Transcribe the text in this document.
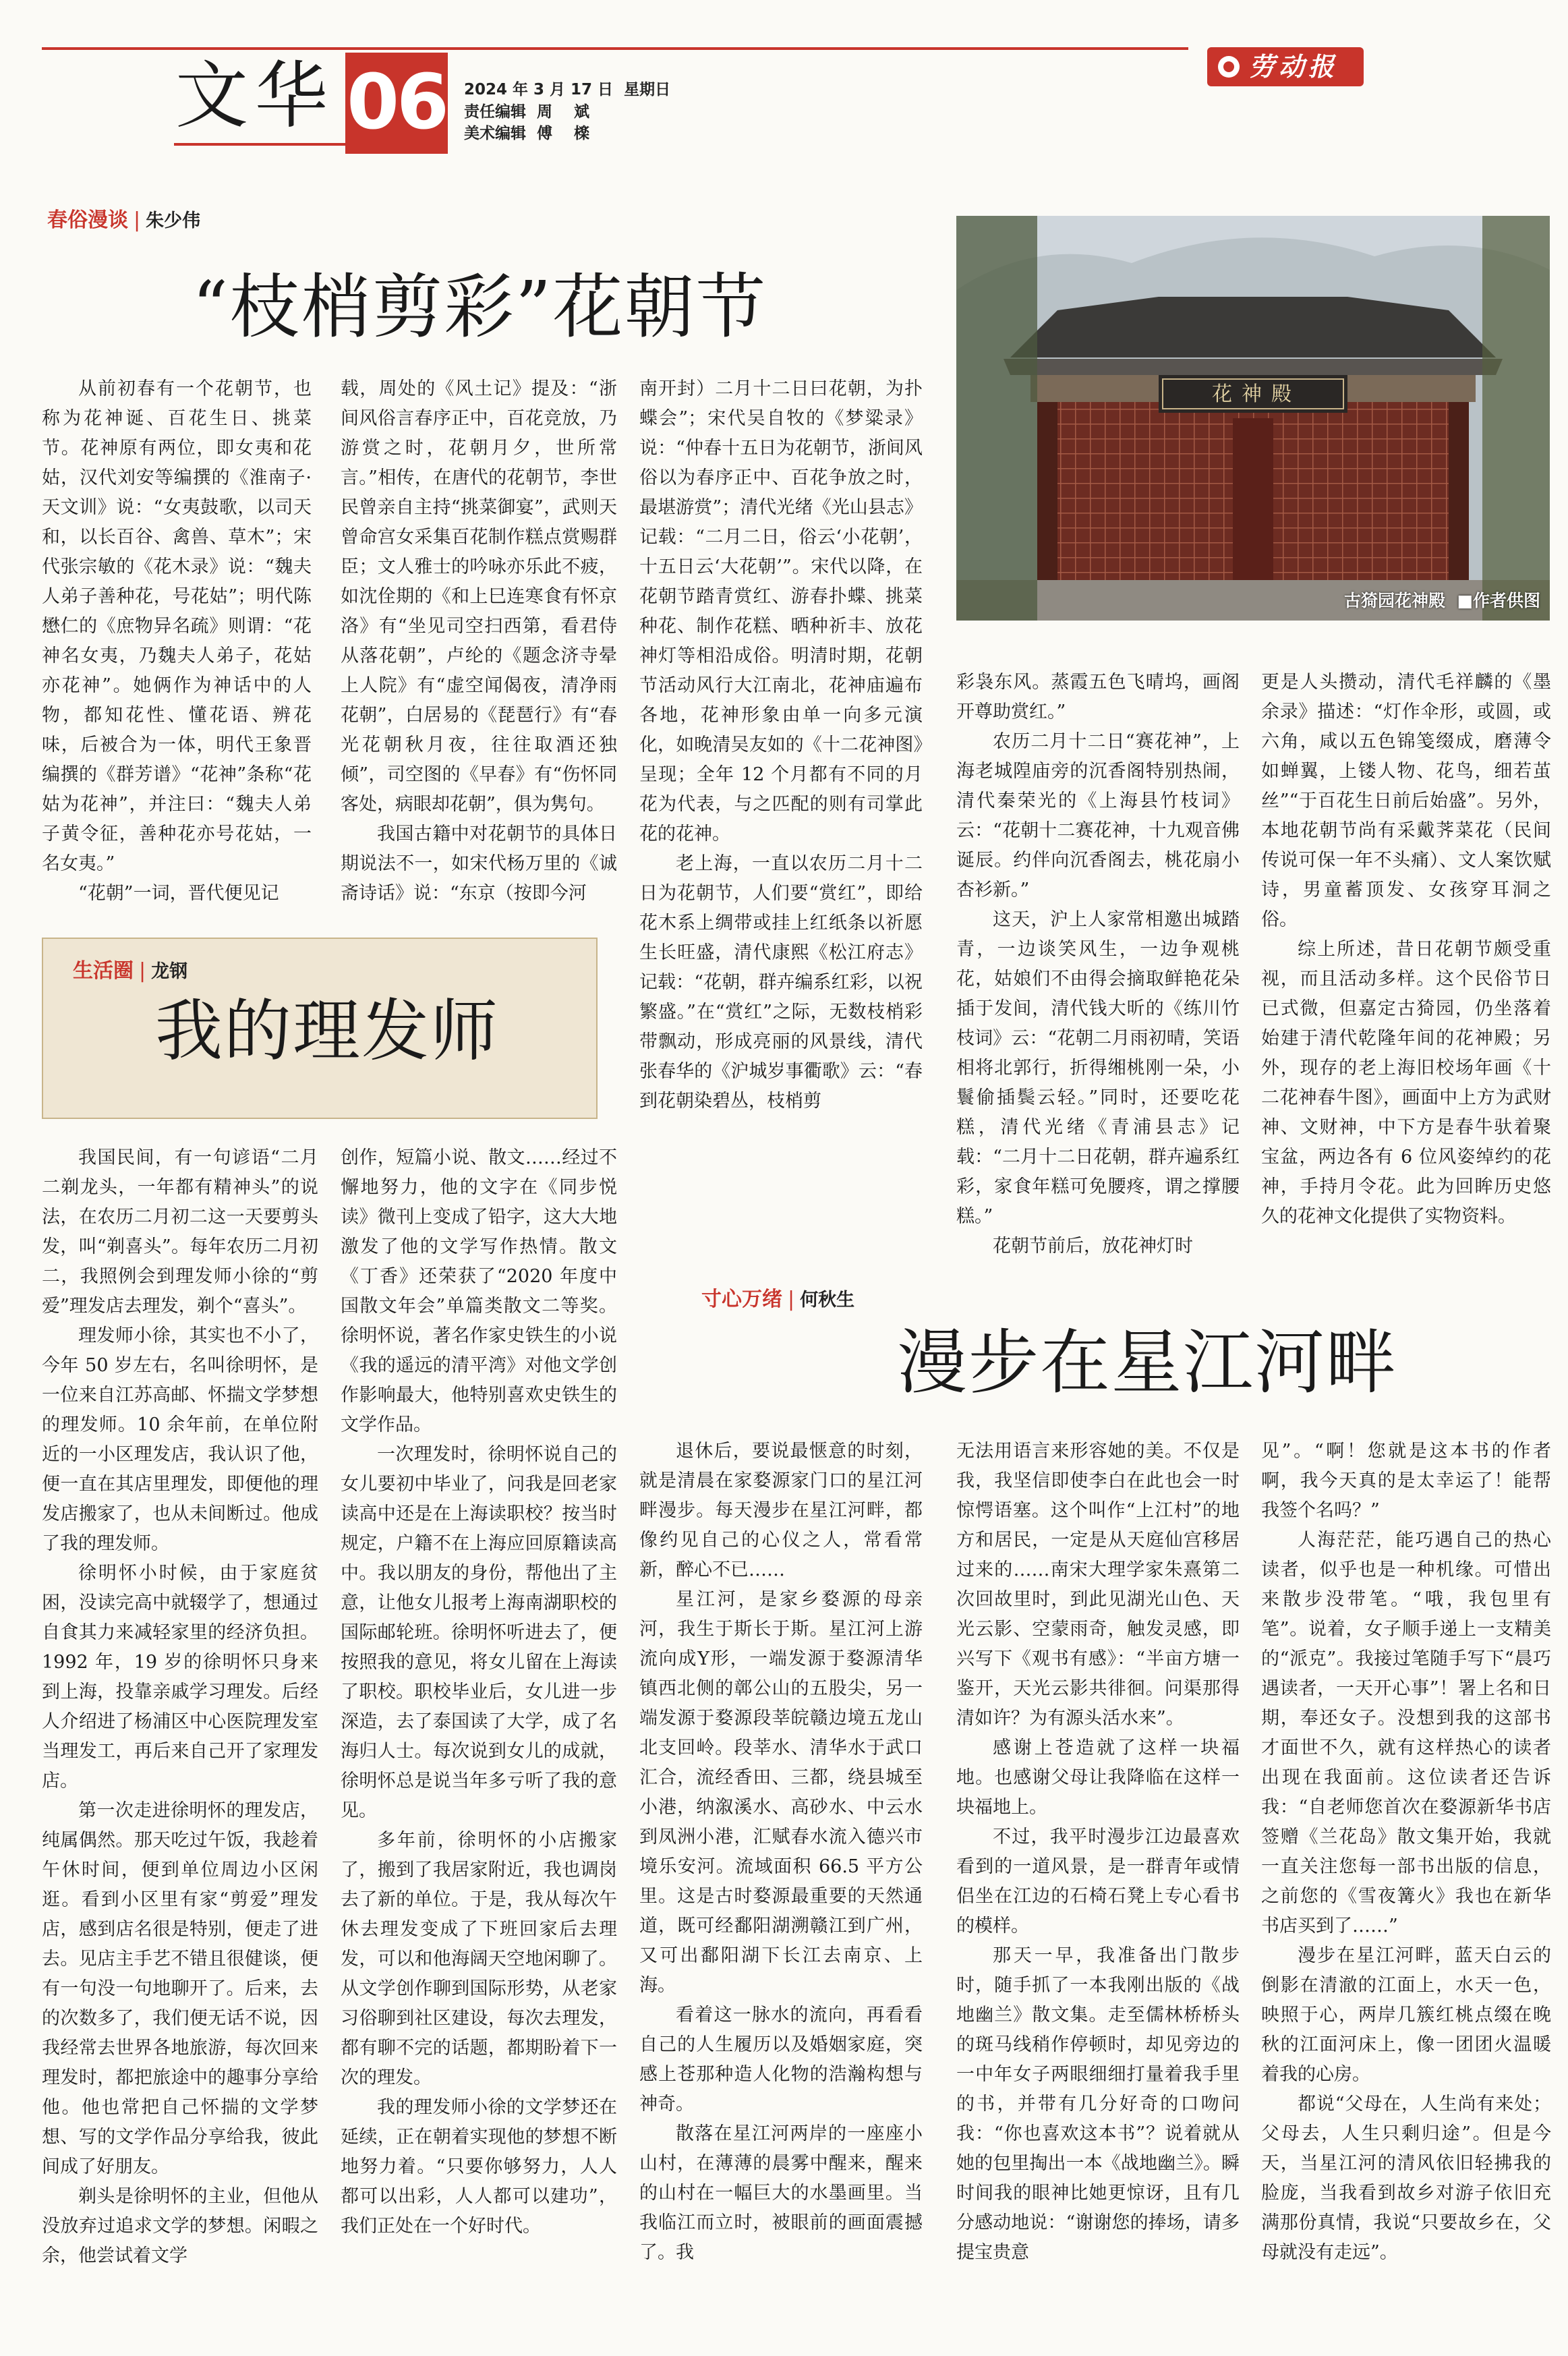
文华 06 2024 年 3 月 17 日  星期日
责任编辑  周    斌
美术编辑  傅    檪
劳动报
春俗漫谈 | 朱少伟
“枝梢剪彩”花朝节
花神殿
古猗园花神殿  ■作者供图

从前初春有一个花朝节，也称为花神诞、百花生日、挑菜节。花神原有两位，即女夷和花姑，汉代刘安等编撰的《淮南子·天文训》说：“女夷鼓歌，以司天和，以长百谷、禽兽、草木”；宋代张宗敏的《花木录》说：“魏夫人弟子善种花，号花姑”；明代陈懋仁的《庶物异名疏》则谓：“花神名女夷，乃魏夫人弟子，花姑亦花神”。她俩作为神话中的人物，都知花性、懂花语、辨花味，后被合为一体，明代王象晋编撰的《群芳谱》“花神”条称“花姑为花神”，并注曰：“魏夫人弟子黄令征，善种花亦号花姑，一名女夷。”

“花朝”一词，晋代便见记

载，周处的《风土记》提及：“浙间风俗言春序正中，百花竞放，乃游赏之时，花朝月夕，世所常言。”相传，在唐代的花朝节，李世民曾亲自主持“挑菜御宴”，武则天曾命宫女采集百花制作糕点赏赐群臣；文人雅士的吟咏亦乐此不疲，如沈佺期的《和上巳连寒食有怀京洛》有“坐见司空扫西第，看君侍从落花朝”，卢纶的《题念济寺晕上人院》有“虚空闻偈夜，清净雨花朝”，白居易的《琵琶行》有“春光花朝秋月夜，往往取酒还独倾”，司空图的《早春》有“伤怀同客处，病眼却花朝”，俱为隽句。

我国古籍中对花朝节的具体日期说法不一，如宋代杨万里的《诚斋诗话》说：“东京（按即今河

南开封）二月十二日曰花朝，为扑蝶会”；宋代吴自牧的《梦粱录》说：“仲春十五日为花朝节，浙间风俗以为春序正中、百花争放之时，最堪游赏”；清代光绪《光山县志》记载：“二月二日，俗云‘小花朝’，十五日云‘大花朝’”。宋代以降，在花朝节踏青赏红、游春扑蝶、挑菜种花、制作花糕、晒种祈丰、放花神灯等相沿成俗。明清时期，花朝节活动风行大江南北，花神庙遍布各地，花神形象由单一向多元演化，如晚清吴友如的《十二花神图》呈现；全年 12 个月都有不同的月花为代表，与之匹配的则有司掌此花的花神。

老上海，一直以农历二月十二日为花朝节，人们要“赏红”，即给花木系上绸带或挂上红纸条以祈愿生长旺盛，清代康熙《松江府志》记载：“花朝，群卉编系红彩，以祝繁盛。”在“赏红”之际，无数枝梢彩带飘动，形成亮丽的风景线，清代张春华的《沪城岁事衢歌》云：“春到花朝染碧丛，枝梢剪

彩袅东风。蒸霞五色飞晴坞，画阁开尊助赏红。”

农历二月十二日“赛花神”，上海老城隍庙旁的沉香阁特别热闹，清代秦荣光的《上海县竹枝词》云：“花朝十二赛花神，十九观音佛诞辰。约伴向沉香阁去，桃花扇小杏衫新。”

这天，沪上人家常相邀出城踏青，一边谈笑风生，一边争观桃花，姑娘们不由得会摘取鲜艳花朵插于发间，清代钱大昕的《练川竹枝词》云：“花朝二月雨初晴，笑语相将北郭行，折得缃桃刚一朵，小鬟偷插鬓云轻。”同时，还要吃花糕，清代光绪《青浦县志》记载：“二月十二日花朝，群卉遍系红彩，家食年糕可免腰疼，谓之撑腰糕。”

花朝节前后，放花神灯时

更是人头攒动，清代毛祥麟的《墨余录》描述：“灯作伞形，或圆，或六角，咸以五色锦笺缀成，磨薄令如蝉翼，上镂人物、花鸟，细若茧丝”“于百花生日前后始盛”。另外，本地花朝节尚有采戴荠菜花（民间传说可保一年不头痛）、文人案饮赋诗，男童蓄顶发、女孩穿耳洞之俗。

综上所述，昔日花朝节颇受重视，而且活动多样。这个民俗节日已式微，但嘉定古猗园，仍坐落着始建于清代乾隆年间的花神殿；另外，现存的老上海旧校场年画《十二花神春牛图》，画面中上方为武财神、文财神，中下方是春牛驮着聚宝盆，两边各有 6 位风姿绰约的花神，手持月令花。此为回眸历史悠久的花神文化提供了实物资料。

生活圈 | 龙钢
我的理发师

我国民间，有一句谚语“二月二剃龙头，一年都有精神头”的说法，在农历二月初二这一天要剪头发，叫“剃喜头”。每年农历二月初二，我照例会到理发师小徐的“剪爱”理发店去理发，剃个“喜头”。

理发师小徐，其实也不小了，今年 50 岁左右，名叫徐明怀，是一位来自江苏高邮、怀揣文学梦想的理发师。10 余年前，在单位附近的一小区理发店，我认识了他，便一直在其店里理发，即便他的理发店搬家了，也从未间断过。他成了我的理发师。

徐明怀小时候，由于家庭贫困，没读完高中就辍学了，想通过自食其力来减轻家里的经济负担。1992 年，19 岁的徐明怀只身来到上海，投靠亲戚学习理发。后经人介绍进了杨浦区中心医院理发室当理发工，再后来自己开了家理发店。

第一次走进徐明怀的理发店，纯属偶然。那天吃过午饭，我趁着午休时间，便到单位周边小区闲逛。看到小区里有家“剪爱”理发店，感到店名很是特别，便走了进去。见店主手艺不错且很健谈，便有一句没一句地聊开了。后来，去的次数多了，我们便无话不说，因我经常去世界各地旅游，每次回来理发时，都把旅途中的趣事分享给他。他也常把自己怀揣的文学梦想、写的文学作品分享给我，彼此间成了好朋友。

剃头是徐明怀的主业，但他从没放弃过追求文学的梦想。闲暇之余，他尝试着文学

创作，短篇小说、散文……经过不懈地努力，他的文字在《同步悦读》微刊上变成了铅字，这大大地激发了他的文学写作热情。散文《丁香》还荣获了“2020 年度中国散文年会”单篇类散文二等奖。徐明怀说，著名作家史铁生的小说《我的遥远的清平湾》对他文学创作影响最大，他特别喜欢史铁生的文学作品。

一次理发时，徐明怀说自己的女儿要初中毕业了，问我是回老家读高中还是在上海读职校？按当时规定，户籍不在上海应回原籍读高中。我以朋友的身份，帮他出了主意，让他女儿报考上海南湖职校的国际邮轮班。徐明怀听进去了，便按照我的意见，将女儿留在上海读了职校。职校毕业后，女儿进一步深造，去了泰国读了大学，成了名海归人士。每次说到女儿的成就，徐明怀总是说当年多亏听了我的意见。

多年前，徐明怀的小店搬家了，搬到了我居家附近，我也调岗去了新的单位。于是，我从每次午休去理发变成了下班回家后去理发，可以和他海阔天空地闲聊了。从文学创作聊到国际形势，从老家习俗聊到社区建设，每次去理发，都有聊不完的话题，都期盼着下一次的理发。

我的理发师小徐的文学梦还在延续，正在朝着实现他的梦想不断地努力着。“只要你够努力，人人都可以出彩，人人都可以建功”，我们正处在一个好时代。

寸心万绪 | 何秋生
漫步在星江河畔

退休后，要说最惬意的时刻，就是清晨在家婺源家门口的星江河畔漫步。每天漫步在星江河畔，都像约见自己的心仪之人，常看常新，醉心不已……

星江河，是家乡婺源的母亲河，我生于斯长于斯。星江河上游流向成Y形，一端发源于婺源清华镇西北侧的鄣公山的五股尖，另一端发源于婺源段莘皖赣边境五龙山北支回岭。段莘水、清华水于武口汇合，流经香田、三都，绕县城至小港，纳溆溪水、高砂水、中云水到凤洲小港，汇赋春水流入德兴市境乐安河。流域面积 66.5 平方公里。这是古时婺源最重要的天然通道，既可经鄱阳湖溯赣江到广州，又可出鄱阳湖下长江去南京、上海。

看着这一脉水的流向，再看看自己的人生履历以及婚姻家庭，突感上苍那种造人化物的浩瀚构想与神奇。

散落在星江河两岸的一座座小山村，在薄薄的晨雾中醒来，醒来的山村在一幅巨大的水墨画里。当我临江而立时，被眼前的画面震撼了。我

无法用语言来形容她的美。不仅是我，我坚信即使李白在此也会一时惊愕语塞。这个叫作“上江村”的地方和居民，一定是从天庭仙宫移居过来的……南宋大理学家朱熹第二次回故里时，到此见湖光山色、天光云影、空蒙雨奇，触发灵感，即兴写下《观书有感》：“半亩方塘一鉴开，天光云影共徘徊。问渠那得清如许？为有源头活水来”。

感谢上苍造就了这样一块福地。也感谢父母让我降临在这样一块福地上。

不过，我平时漫步江边最喜欢看到的一道风景，是一群青年或情侣坐在江边的石椅石凳上专心看书的模样。

那天一早，我准备出门散步时，随手抓了一本我刚出版的《战地幽兰》散文集。走至儒林桥桥头的斑马线稍作停顿时，却见旁边的一中年女子两眼细细打量着我手里的书，并带有几分好奇的口吻问我：“你也喜欢这本书”？说着就从她的包里掏出一本《战地幽兰》。瞬时间我的眼神比她更惊讶，且有几分感动地说：“谢谢您的捧场，请多提宝贵意

见”。“啊！您就是这本书的作者啊，我今天真的是太幸运了！能帮我签个名吗？”

人海茫茫，能巧遇自己的热心读者，似乎也是一种机缘。可惜出来散步没带笔。“哦，我包里有笔”。说着，女子顺手递上一支精美的“派克”。我接过笔随手写下“晨巧遇读者，一天开心事”！署上名和日期，奉还女子。没想到我的这部书才面世不久，就有这样热心的读者出现在我面前。这位读者还告诉我：“自老师您首次在婺源新华书店签赠《兰花岛》散文集开始，我就一直关注您每一部书出版的信息，之前您的《雪夜篝火》我也在新华书店买到了……”

漫步在星江河畔，蓝天白云的倒影在清澈的江面上，水天一色，映照于心，两岸几簇红桃点缀在晚秋的江面河床上，像一团团火温暖着我的心房。

都说“父母在，人生尚有来处；父母去，人生只剩归途”。但是今天，当星江河的清风依旧轻拂我的脸庞，当我看到故乡对游子依旧充满那份真情，我说“只要故乡在，父母就没有走远”。
